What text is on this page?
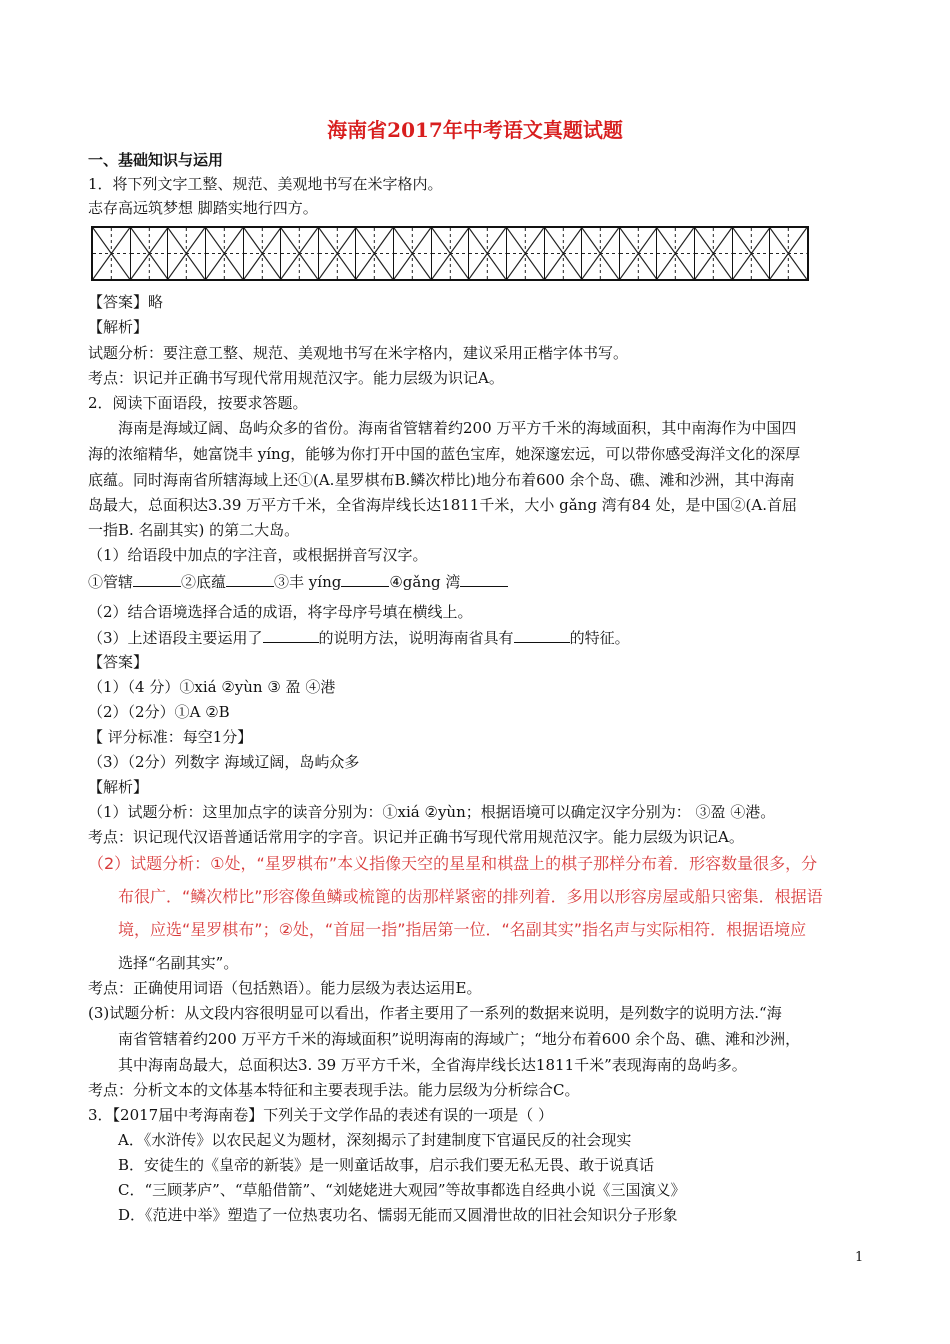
海南省2017年中考语文真题试题
一、基础知识与运用
1．将下列文字工整、规范、美观地书写在米字格内。
志存高远筑梦想 脚踏实地行四方。
【答案】略
【解析】
试题分析：要注意工整、规范、美观地书写在米字格内，建议采用正楷字体书写。
考点：识记并正确书写现代常用规范汉字。能力层级为识记A。
2．阅读下面语段，按要求答题。
海南是海域辽阔、岛屿众多的省份。海南省管辖着约200 万平方千米的海域面积，其中南海作为中国四
海的浓缩精华，她富饶丰 yíng，能够为你打开中国的蓝色宝库，她深邃宏远，可以带你感受海洋文化的深厚
底蕴。同时海南省所辖海域上还①(A.星罗棋布B.鳞次栉比)地分布着600 余个岛、礁、滩和沙洲，其中海南
岛最大，总面积达3.39 万平方千米，全省海岸线长达1811千米，大小 gǎng 湾有84 处，是中国②(A.首屈
一指B. 名副其实) 的第二大岛。
（1）给语段中加点的字注音，或根据拼音写汉字。
①管辖	②底蕴	③丰 yíng	④gǎng 湾
（2）结合语境选择合适的成语，将字母序号填在横线上。
（3）上述语段主要运用了	的说明方法，说明海南省具有	的特征。
【答案】
（1）（4 分）①xiá ②yùn ③ 盈 ④港
（2）（2分）①A ②B
【 评分标准：每空1分】
（3）（2分）列数字 海域辽阔，岛屿众多
【解析】
（1）试题分析：这里加点字的读音分别为：①xiá ②yùn；根据语境可以确定汉字分别为： ③盈 ④港。
考点：识记现代汉语普通话常用字的字音。识记并正确书写现代常用规范汉字。能力层级为识记A。
（2）试题分析：①处，“星罗棋布”本义指像天空的星星和棋盘上的棋子那样分布着．形容数量很多，分
布很广．“鳞次栉比”形容像鱼鳞或梳篦的齿那样紧密的排列着．多用以形容房屋或船只密集．根据语
境，应选“星罗棋布”；②处，“首屈一指”指居第一位．“名副其实”指名声与实际相符．根据语境应
选择“名副其实”。
考点：正确使用词语（包括熟语）。能力层级为表达运用E。
(3)试题分析：从文段内容很明显可以看出，作者主要用了一系列的数据来说明，是列数字的说明方法.“海
南省管辖着约200 万平方千米的海域面积”说明海南的海域广；“地分布着600 余个岛、礁、滩和沙洲，
其中海南岛最大，总面积达3. 39 万平方千米，全省海岸线长达1811千米”表现海南的岛屿多。
考点：分析文本的文体基本特征和主要表现手法。能力层级为分析综合C。
3．【2017届中考海南卷】下列关于文学作品的表述有误的一项是（ ）
A．《水浒传》以农民起义为题材，深刻揭示了封建制度下官逼民反的社会现实
B．安徒生的《皇帝的新装》是一则童话故事，启示我们要无私无畏、敢于说真话
C．“三顾茅庐”、“草船借箭”、“刘姥姥进大观园”等故事都选自经典小说《三国演义》
D．《范进中举》塑造了一位热衷功名、懦弱无能而又圆滑世故的旧社会知识分子形象
1
